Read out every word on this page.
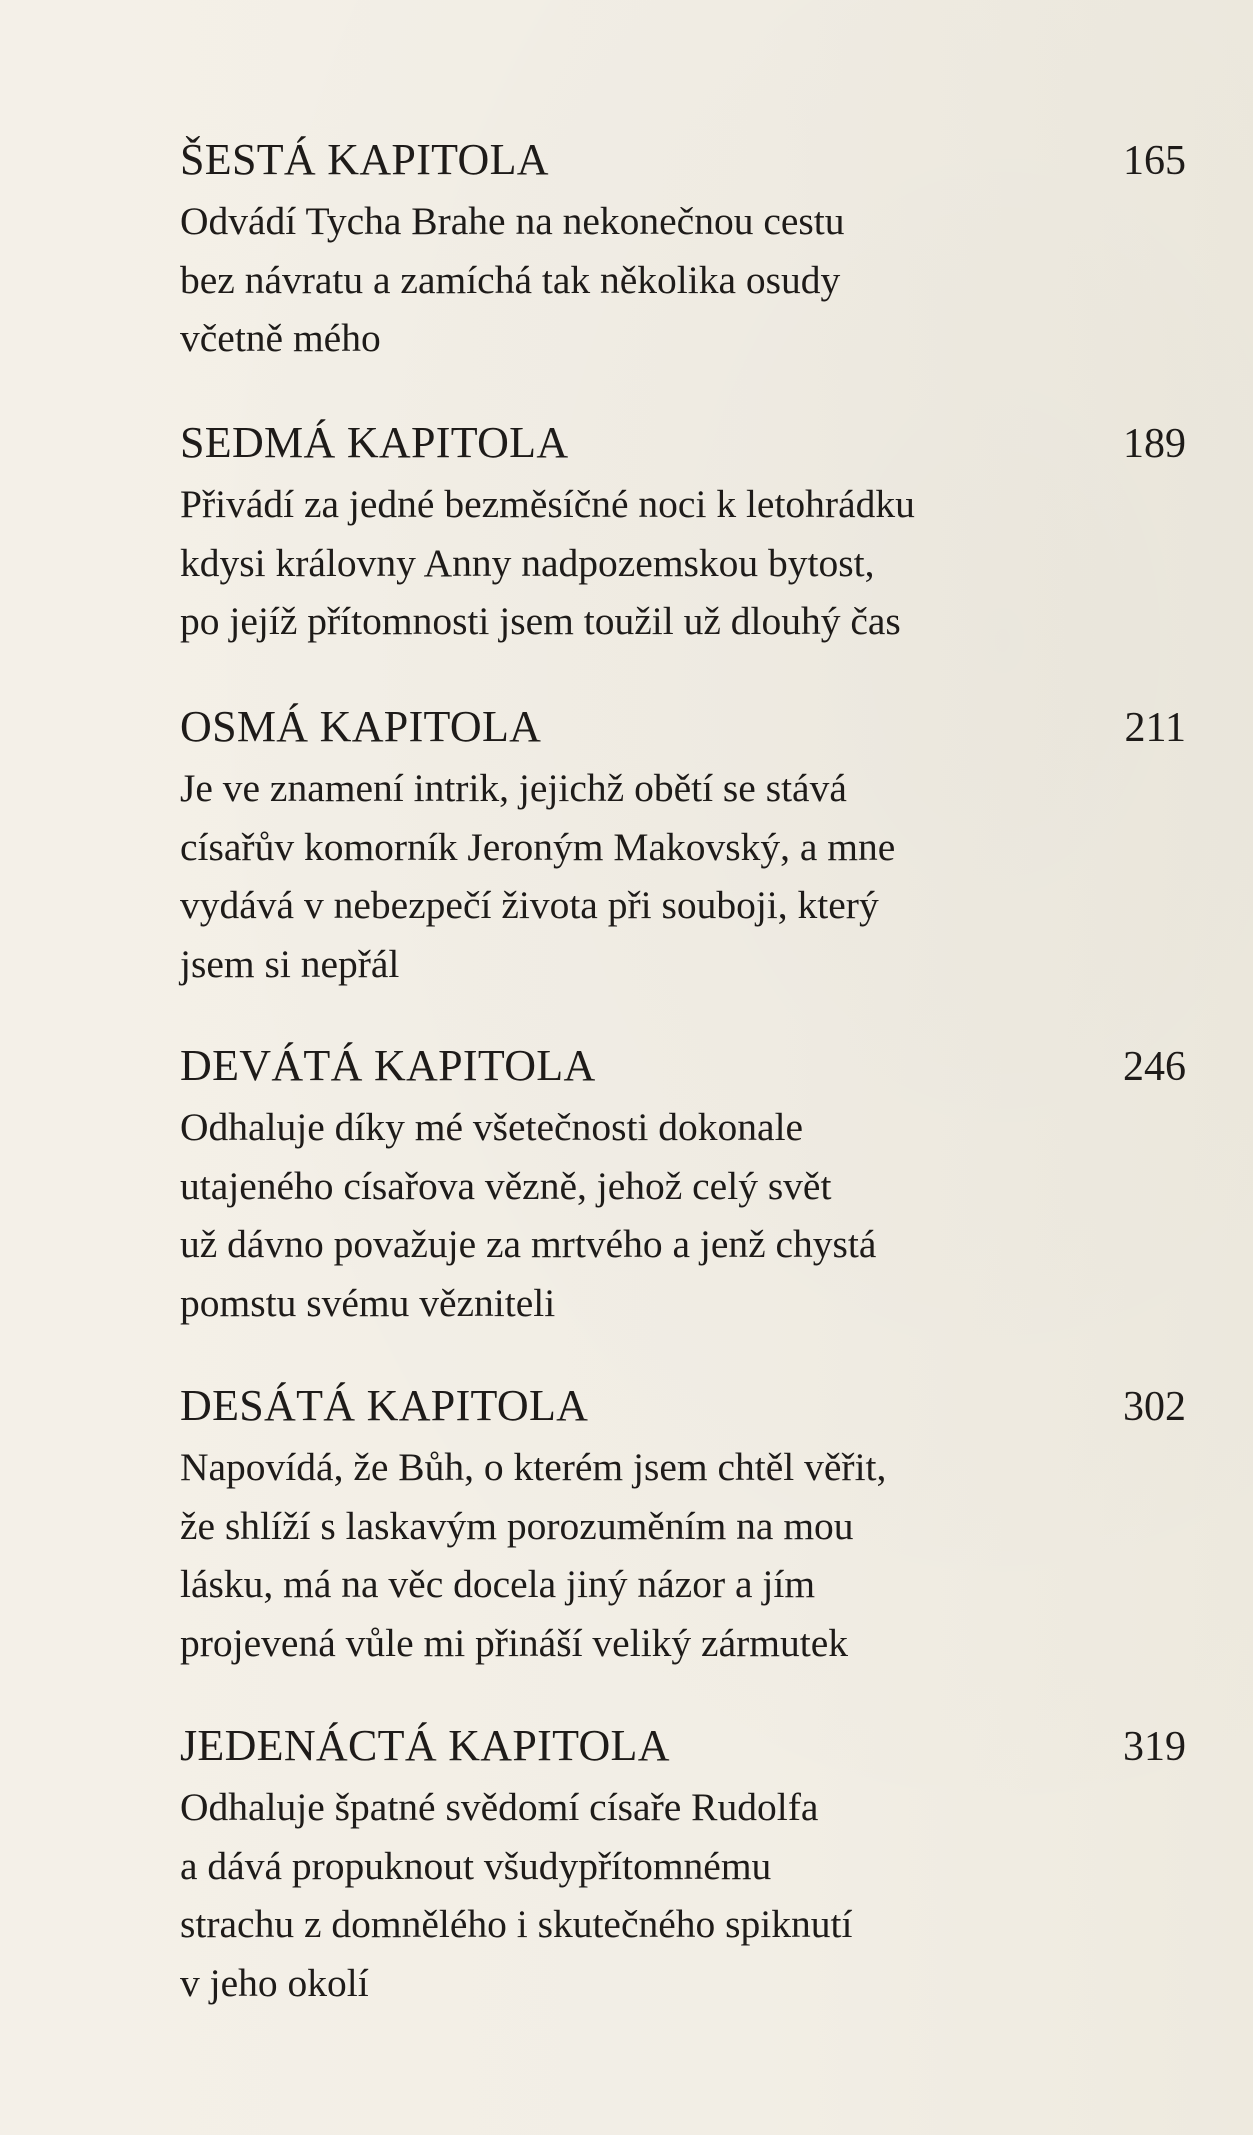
ŠESTÁ KAPITOLA	165
Odvádí Tycha Brahe na nekonečnou cestu
bez návratu a zamíchá tak několika osudy
včetně mého
SEDMÁ KAPITOLA	189
Přivádí za jedné bezměsíčné noci k letohrádku
kdysi královny Anny nadpozemskou bytost,
po jejíž přítomnosti jsem toužil už dlouhý čas
OSMÁ KAPITOLA	211
Je ve znamení intrik, jejichž obětí se stává
císařův komorník Jeroným Makovský, a mne
vydává v nebezpečí života při souboji, který
jsem si nepřál
DEVÁTÁ KAPITOLA	246
Odhaluje díky mé všetečnosti dokonale
utajeného císařova vězně, jehož celý svět
už dávno považuje za mrtvého a jenž chystá
pomstu svému vězniteli
DESÁTÁ KAPITOLA	302
Napovídá, že Bůh, o kterém jsem chtěl věřit,
že shlíží s laskavým porozuměním na mou
lásku, má na věc docela jiný názor a jím
projevená vůle mi přináší veliký zármutek
JEDENÁCTÁ KAPITOLA	319
Odhaluje špatné svědomí císaře Rudolfa
a dává propuknout všudypřítomnému
strachu z domnělého i skutečného spiknutí
v jeho okolí
